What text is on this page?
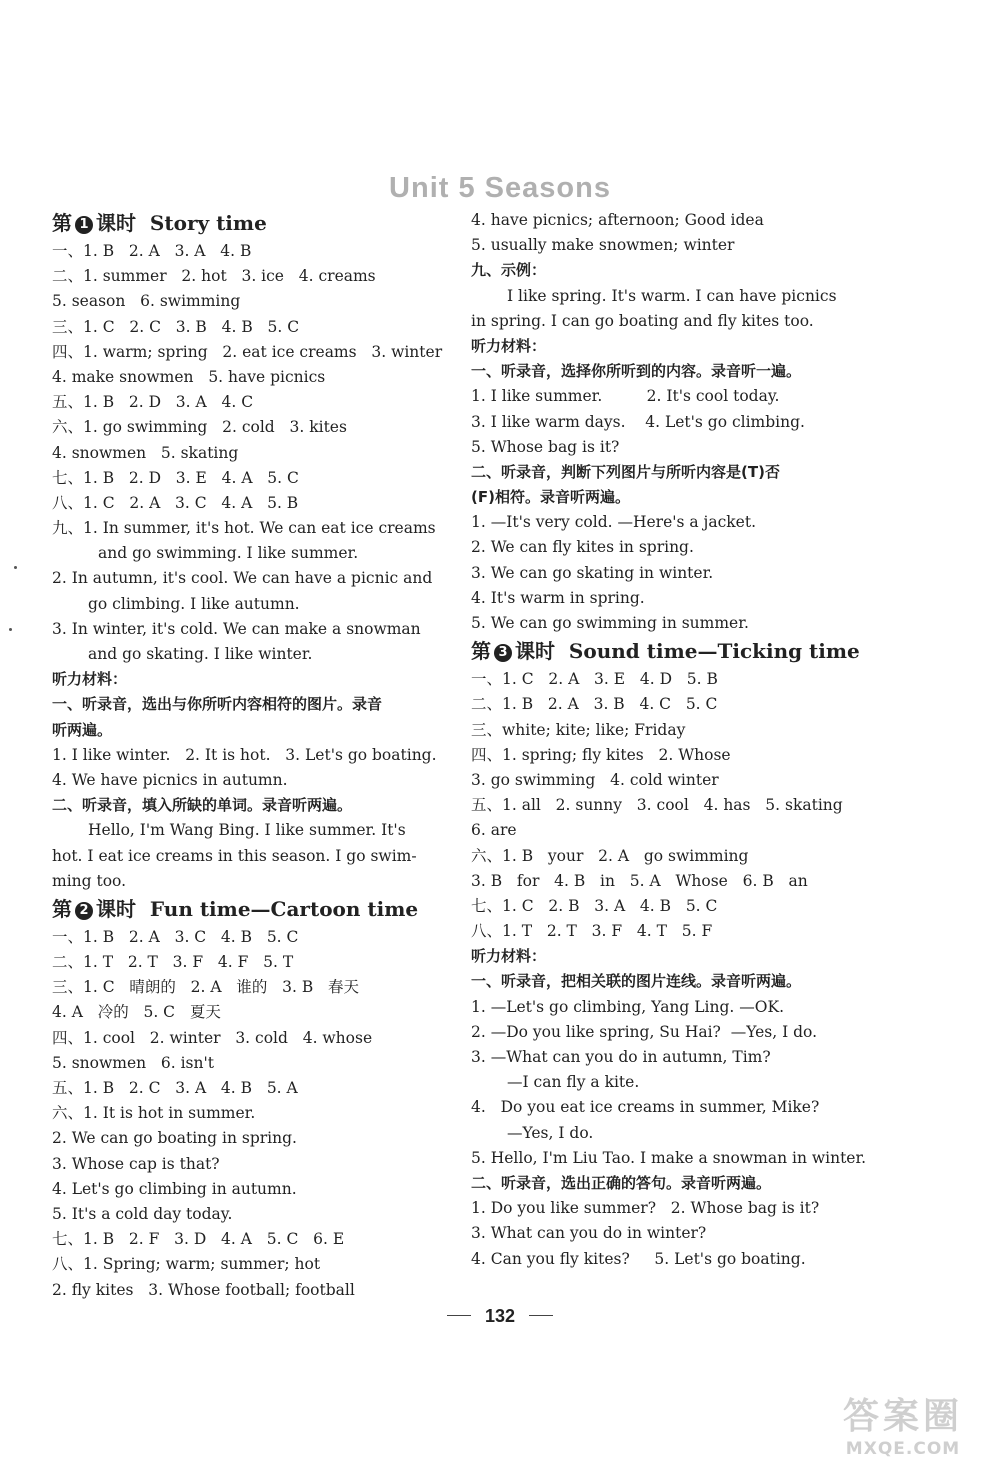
Unit 5 Seasons
第 1 课时  Story time
一、1. B   2. A   3. A   4. B
二、1. summer   2. hot   3. ice   4. creams
5. season   6. swimming
三、1. C   2. C   3. B   4. B   5. C
四、1. warm; spring   2. eat ice creams   3. winter
4. make snowmen   5. have picnics
五、1. B   2. D   3. A   4. C
六、1. go swimming   2. cold   3. kites
4. snowmen   5. skating
七、1. B   2. D   3. E   4. A   5. C
八、1. C   2. A   3. C   4. A   5. B
九、1. In summer, it's hot. We can eat ice creams
and go swimming. I like summer.
2. In autumn, it's cool. We can have a picnic and
go climbing. I like autumn.
3. In winter, it's cold. We can make a snowman
and go skating. I like winter.
听力材料：
一、听录音，选出与你所听内容相符的图片。录音
听两遍。
1. I like winter.   2. It is hot.   3. Let's go boating.
4. We have picnics in autumn.
二、听录音，填入所缺的单词。录音听两遍。
Hello, I'm Wang Bing. I like summer. It's
hot. I eat ice creams in this season. I go swim-
ming too.
第 2 课时  Fun time—Cartoon time
一、1. B   2. A   3. C   4. B   5. C
二、1. T   2. T   3. F   4. F   5. T
三、1. C   晴朗的   2. A   谁的   3. B   春天
4. A   冷的   5. C   夏天
四、1. cool   2. winter   3. cold   4. whose
5. snowmen   6. isn't
五、1. B   2. C   3. A   4. B   5. A
六、1. It is hot in summer.
2. We can go boating in spring.
3. Whose cap is that?
4. Let's go climbing in autumn.
5. It's a cold day today.
七、1. B   2. F   3. D   4. A   5. C   6. E
八、1. Spring; warm; summer; hot
2. fly kites   3. Whose football; football
4. have picnics; afternoon; Good idea
5. usually make snowmen; winter
九、示例：
I like spring. It's warm. I can have picnics
in spring. I can go boating and fly kites too.
听力材料：
一、听录音，选择你所听到的内容。录音听一遍。
1. I like summer.         2. It's cool today.
3. I like warm days.    4. Let's go climbing.
5. Whose bag is it?
二、听录音，判断下列图片与所听内容是(T)否
(F)相符。录音听两遍。
1. —It's very cold. —Here's a jacket.
2. We can fly kites in spring.
3. We can go skating in winter.
4. It's warm in spring.
5. We can go swimming in summer.
第 3 课时  Sound time—Ticking time
一、1. C   2. A   3. E   4. D   5. B
二、1. B   2. A   3. B   4. C   5. C
三、white; kite; like; Friday
四、1. spring; fly kites   2. Whose
3. go swimming   4. cold winter
五、1. all   2. sunny   3. cool   4. has   5. skating
6. are
六、1. B   your   2. A   go swimming
3. B   for   4. B   in   5. A   Whose   6. B   an
七、1. C   2. B   3. A   4. B   5. C
八、1. T   2. T   3. F   4. T   5. F
听力材料：
一、听录音，把相关联的图片连线。录音听两遍。
1. —Let's go climbing, Yang Ling. —OK.
2. —Do you like spring, Su Hai?  —Yes, I do.
3. —What can you do in autumn, Tim?
—I can fly a kite.
4.   Do you eat ice creams in summer, Mike?
—Yes, I do.
5. Hello, I'm Liu Tao. I make a snowman in winter.
二、听录音，选出正确的答句。录音听两遍。
1. Do you like summer?   2. Whose bag is it?
3. What can you do in winter?
4. Can you fly kites?     5. Let's go boating.
132
答案圈
MXQE.COM
